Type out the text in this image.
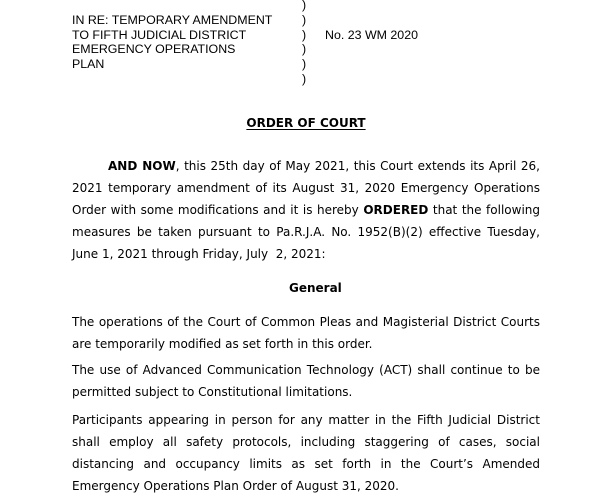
IN RE: TEMPORARY AMENDMENT
TO FIFTH JUDICIAL DISTRICT
EMERGENCY OPERATIONS
PLAN
)
)
)
)
)
)
No. 23 WM 2020
ORDER OF COURT
AND NOW, this 25th day of May 2021, this Court extends its April 26,
2021 temporary amendment of its August 31, 2020 Emergency Operations
Order with some modifications and it is hereby ORDERED that the following
measures be taken pursuant to Pa.R.J.A. No. 1952(B)(2) effective Tuesday,
June 1, 2021 through Friday, July  2, 2021:
General
The operations of the Court of Common Pleas and Magisterial District Courts
are temporarily modified as set forth in this order.
The use of Advanced Communication Technology (ACT) shall continue to be
permitted subject to Constitutional limitations.
Participants appearing in person for any matter in the Fifth Judicial District
shall employ all safety protocols, including staggering of cases, social
distancing and occupancy limits as set forth in the Court’s Amended
Emergency Operations Plan Order of August 31, 2020.
